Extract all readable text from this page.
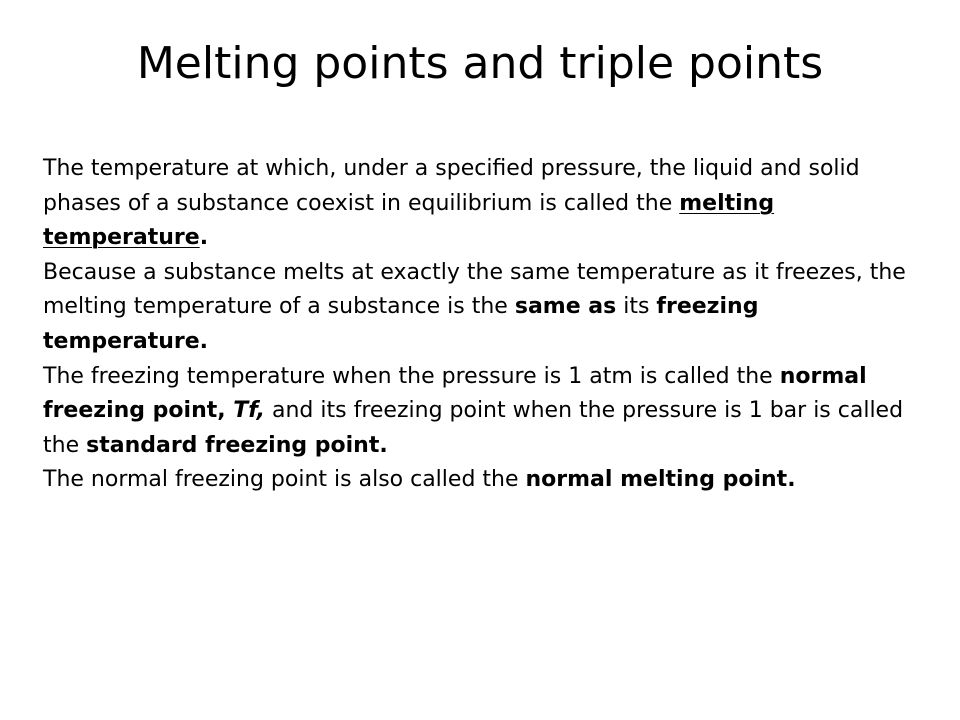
Melting points and triple points

The temperature at which, under a specified pressure, the liquid and solid phases of a substance coexist in equilibrium is called the melting temperature.

Because a substance melts at exactly the same temperature as it freezes, the melting temperature of a substance is the same as its freezing temperature.

The freezing temperature when the pressure is 1 atm is called the normal freezing point, Tf, and its freezing point when the pressure is 1 bar is called the standard freezing point.

The normal freezing point is also called the normal melting point.
